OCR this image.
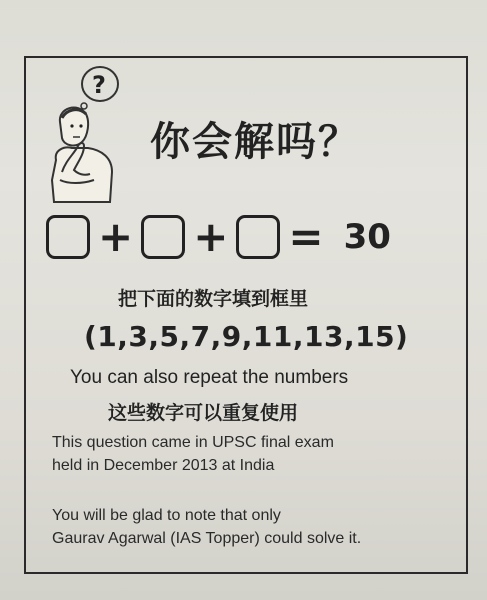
?
你会解吗？
+ + = 30
把下面的数字填到框里
(1,3,5,7,9,11,13,15)
You can also repeat the numbers
这些数字可以重复使用
This question came in UPSC final exam
held in December 2013 at India
You will be glad to note that only
Gaurav Agarwal (IAS Topper) could solve it.
